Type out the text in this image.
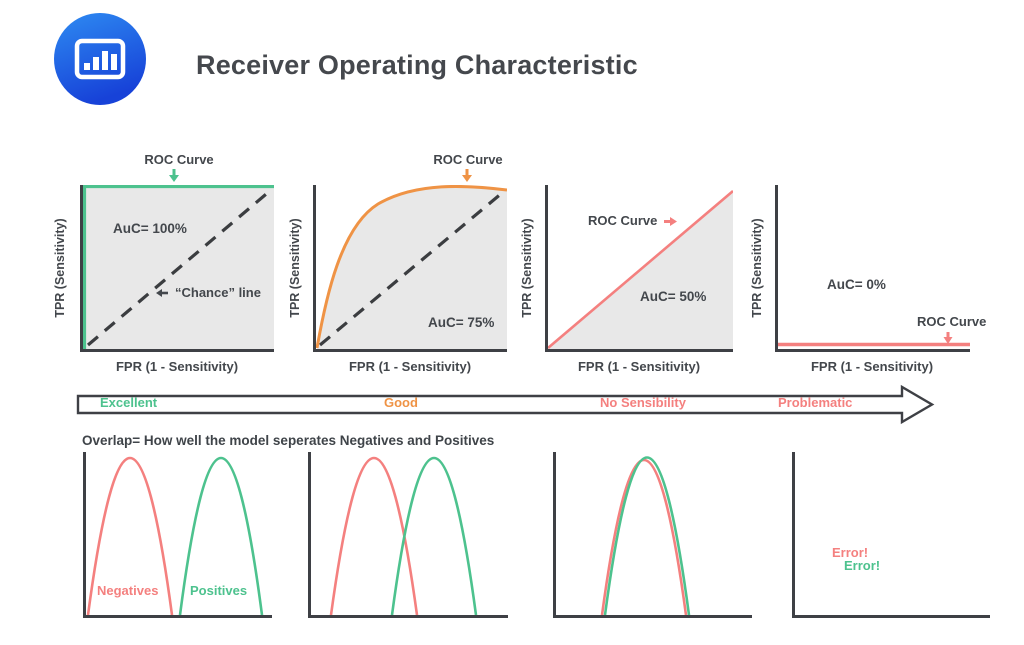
Receiver Operating Characteristic
ROC Curve
AuC= 100%
“Chance” line
TPR (Sensitivity)
FPR (1 - Sensitivity)
ROC Curve
AuC= 75%
TPR (Sensitivity)
FPR (1 - Sensitivity)
ROC Curve
AuC= 50%
TPR (Sensitivity)
FPR (1 - Sensitivity)
AuC= 0%
ROC Curve
TPR (Sensitivity)
FPR (1 - Sensitivity)
Excellent	Good	No Sensibility	Problematic
Overlap= How well the model seperates Negatives and Positives
Negatives Positives
Error!
Error!
